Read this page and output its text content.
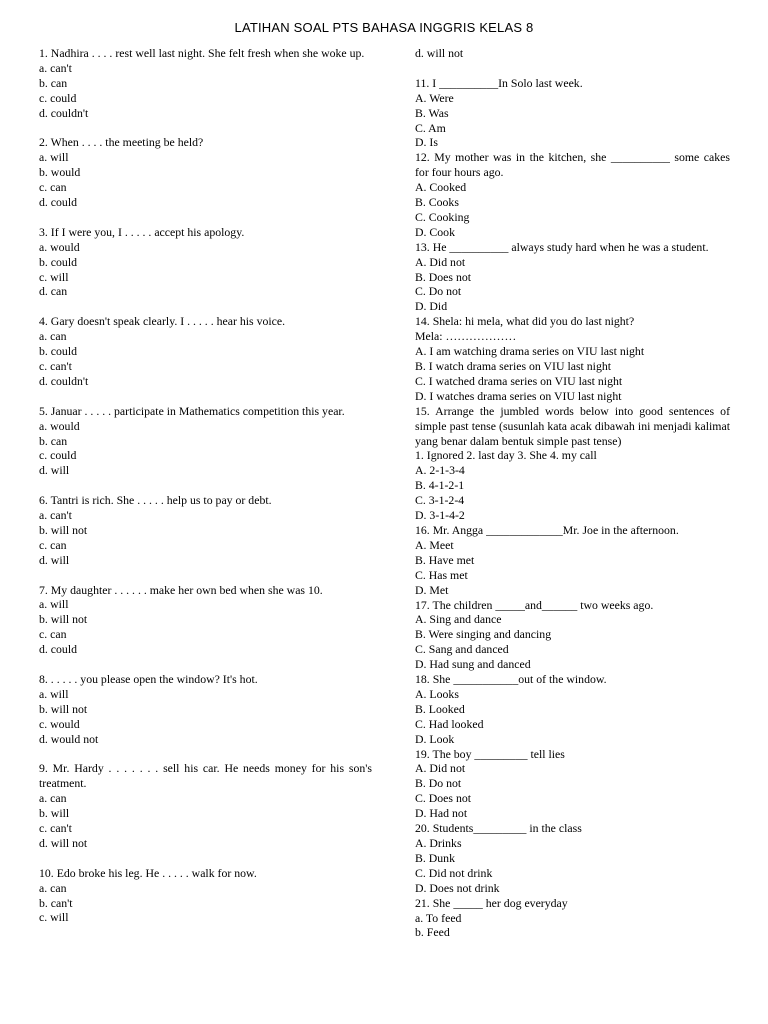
LATIHAN SOAL PTS BAHASA INGGRIS KELAS 8
1. Nadhira . . . . rest well last night. She felt fresh when she woke up.
a. can't
b. can
c. could
d. couldn't
2. When . . . . the meeting be held?
a. will
b. would
c. can
d. could
3. If I were you, I . . . . . accept his apology.
a. would
b. could
c. will
d. can
4. Gary doesn't speak clearly. I . . . . . hear his voice.
a. can
b. could
c. can't
d. couldn't
5. Januar . . . . . participate in Mathematics competition this year.
a. would
b. can
c. could
d. will
6. Tantri is rich. She . . . . . help us to pay or debt.
a. can't
b. will not
c. can
d. will
7. My daughter . . . . . . make her own bed when she was 10.
a. will
b. will not
c. can
d. could
8. . . . . . you please open the window? It's hot.
a. will
b. will not
c. would
d. would not
9. Mr. Hardy . . . . . . . sell his car. He needs money for his son's treatment.
a. can
b. will
c. can't
d. will not
10. Edo broke his leg. He . . . . . walk for now.
a. can
b. can't
c. will
d. will not
11. I __________In Solo last week.
A. Were
B. Was
C. Am
D. Is
12. My mother was in the kitchen, she __________ some cakes for four hours ago.
A. Cooked
B. Cooks
C. Cooking
D. Cook
13. He __________ always study hard when he was a student.
A. Did not
B. Does not
C. Do not
D. Did
14. Shela: hi mela, what did you do last night?
Mela: ………………
A. I am watching drama series on VIU last night
B. I watch drama series on VIU last night
C. I watched drama series on VIU last night
D. I watches drama series on VIU last night
15. Arrange the jumbled words below into good sentences of simple past tense (susunlah kata acak dibawah ini menjadi kalimat yang benar dalam bentuk simple past tense)
1. Ignored 2. last day 3. She 4. my call
A. 2-1-3-4
B. 4-1-2-1
C. 3-1-2-4
D. 3-1-4-2
16. Mr. Angga _____________Mr. Joe in the afternoon.
A. Meet
B. Have met
C. Has met
D. Met
17. The children _____and______ two weeks ago.
A. Sing and dance
B. Were singing and dancing
C. Sang and danced
D. Had sung and danced
18. She ___________out of the window.
A. Looks
B. Looked
C. Had looked
D. Look
19. The boy _________ tell lies
A. Did not
B. Do not
C. Does not
D. Had not
20. Students_________ in the class
A. Drinks
B. Dunk
C. Did not drink
D. Does not drink
21. She _____ her dog everyday
a. To feed
b. Feed
